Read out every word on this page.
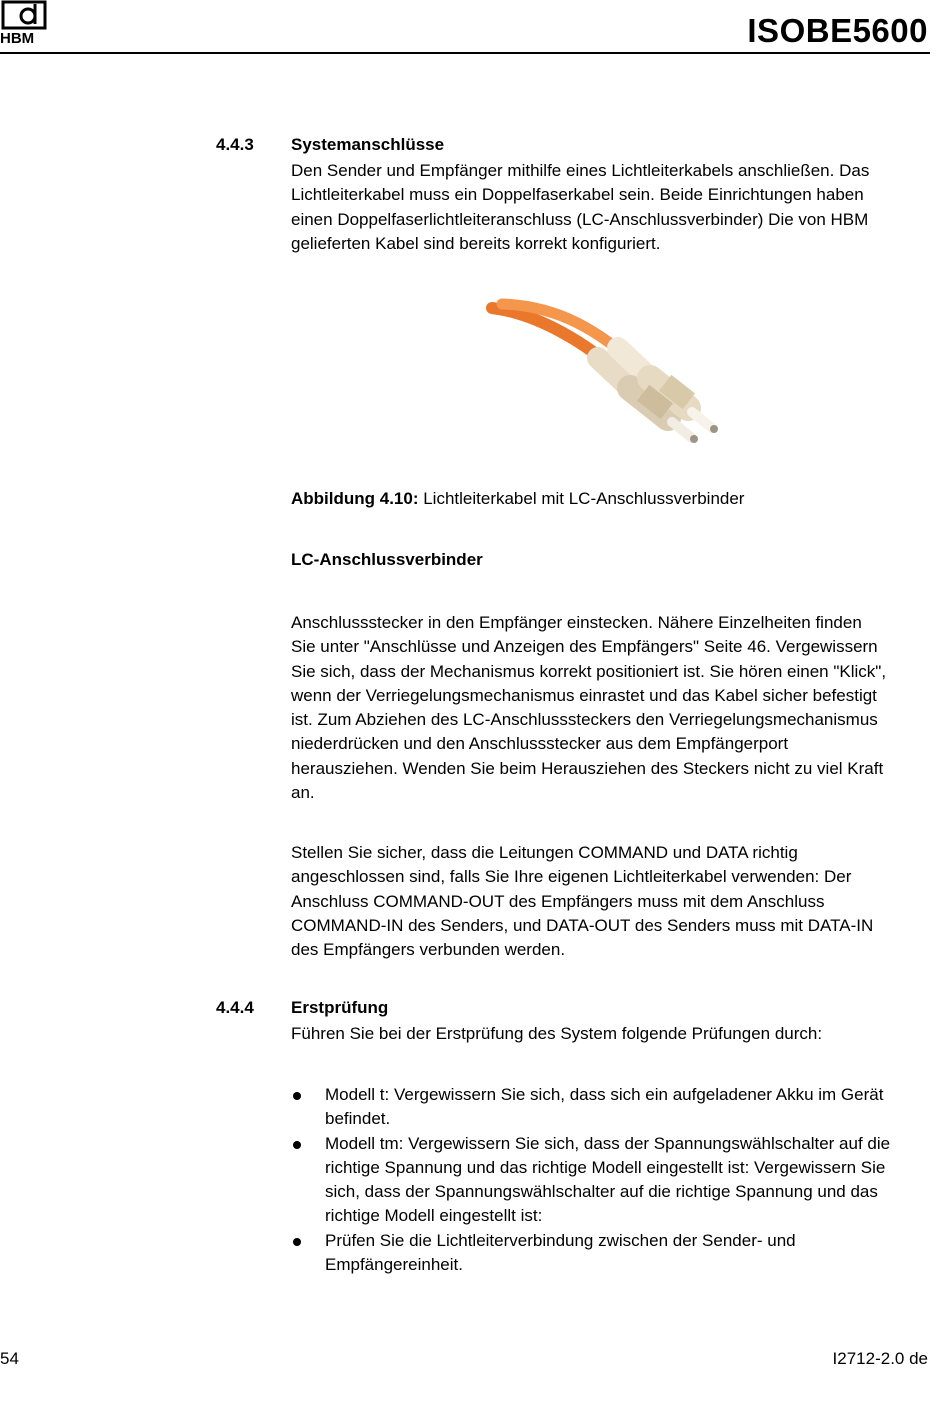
HBM	ISOBE5600
4.4.3 Systemanschlüsse
Den Sender und Empfänger mithilfe eines Lichtleiterkabels anschließen. Das
Lichtleiterkabel muss ein Doppelfaserkabel sein. Beide Einrichtungen haben
einen Doppelfaserlichtleiteranschluss (LC-Anschlussverbinder) Die von HBM
gelieferten Kabel sind bereits korrekt konfiguriert.
Abbildung 4.10: Lichtleiterkabel mit LC-Anschlussverbinder
LC-Anschlussverbinder
Anschlussstecker in den Empfänger einstecken. Nähere Einzelheiten finden
Sie unter "Anschlüsse und Anzeigen des Empfängers" Seite 46. Vergewissern
Sie sich, dass der Mechanismus korrekt positioniert ist. Sie hören einen "Klick",
wenn der Verriegelungsmechanismus einrastet und das Kabel sicher befestigt
ist. Zum Abziehen des LC-Anschlusssteckers den Verriegelungsmechanismus
niederdrücken und den Anschlussstecker aus dem Empfängerport
herausziehen. Wenden Sie beim Herausziehen des Steckers nicht zu viel Kraft
an.
Stellen Sie sicher, dass die Leitungen COMMAND und DATA richtig
angeschlossen sind, falls Sie Ihre eigenen Lichtleiterkabel verwenden: Der
Anschluss COMMAND-OUT des Empfängers muss mit dem Anschluss
COMMAND-IN des Senders, und DATA-OUT des Senders muss mit DATA-IN
des Empfängers verbunden werden.
4.4.4 Erstprüfung
Führen Sie bei der Erstprüfung des System folgende Prüfungen durch:
Modell t: Vergewissern Sie sich, dass sich ein aufgeladener Akku im Gerät
befindet.
Modell tm: Vergewissern Sie sich, dass der Spannungswählschalter auf die
richtige Spannung und das richtige Modell eingestellt ist: Vergewissern Sie
sich, dass der Spannungswählschalter auf die richtige Spannung und das
richtige Modell eingestellt ist:
Prüfen Sie die Lichtleiterverbindung zwischen der Sender- und
Empfängereinheit.
54	I2712-2.0 de
